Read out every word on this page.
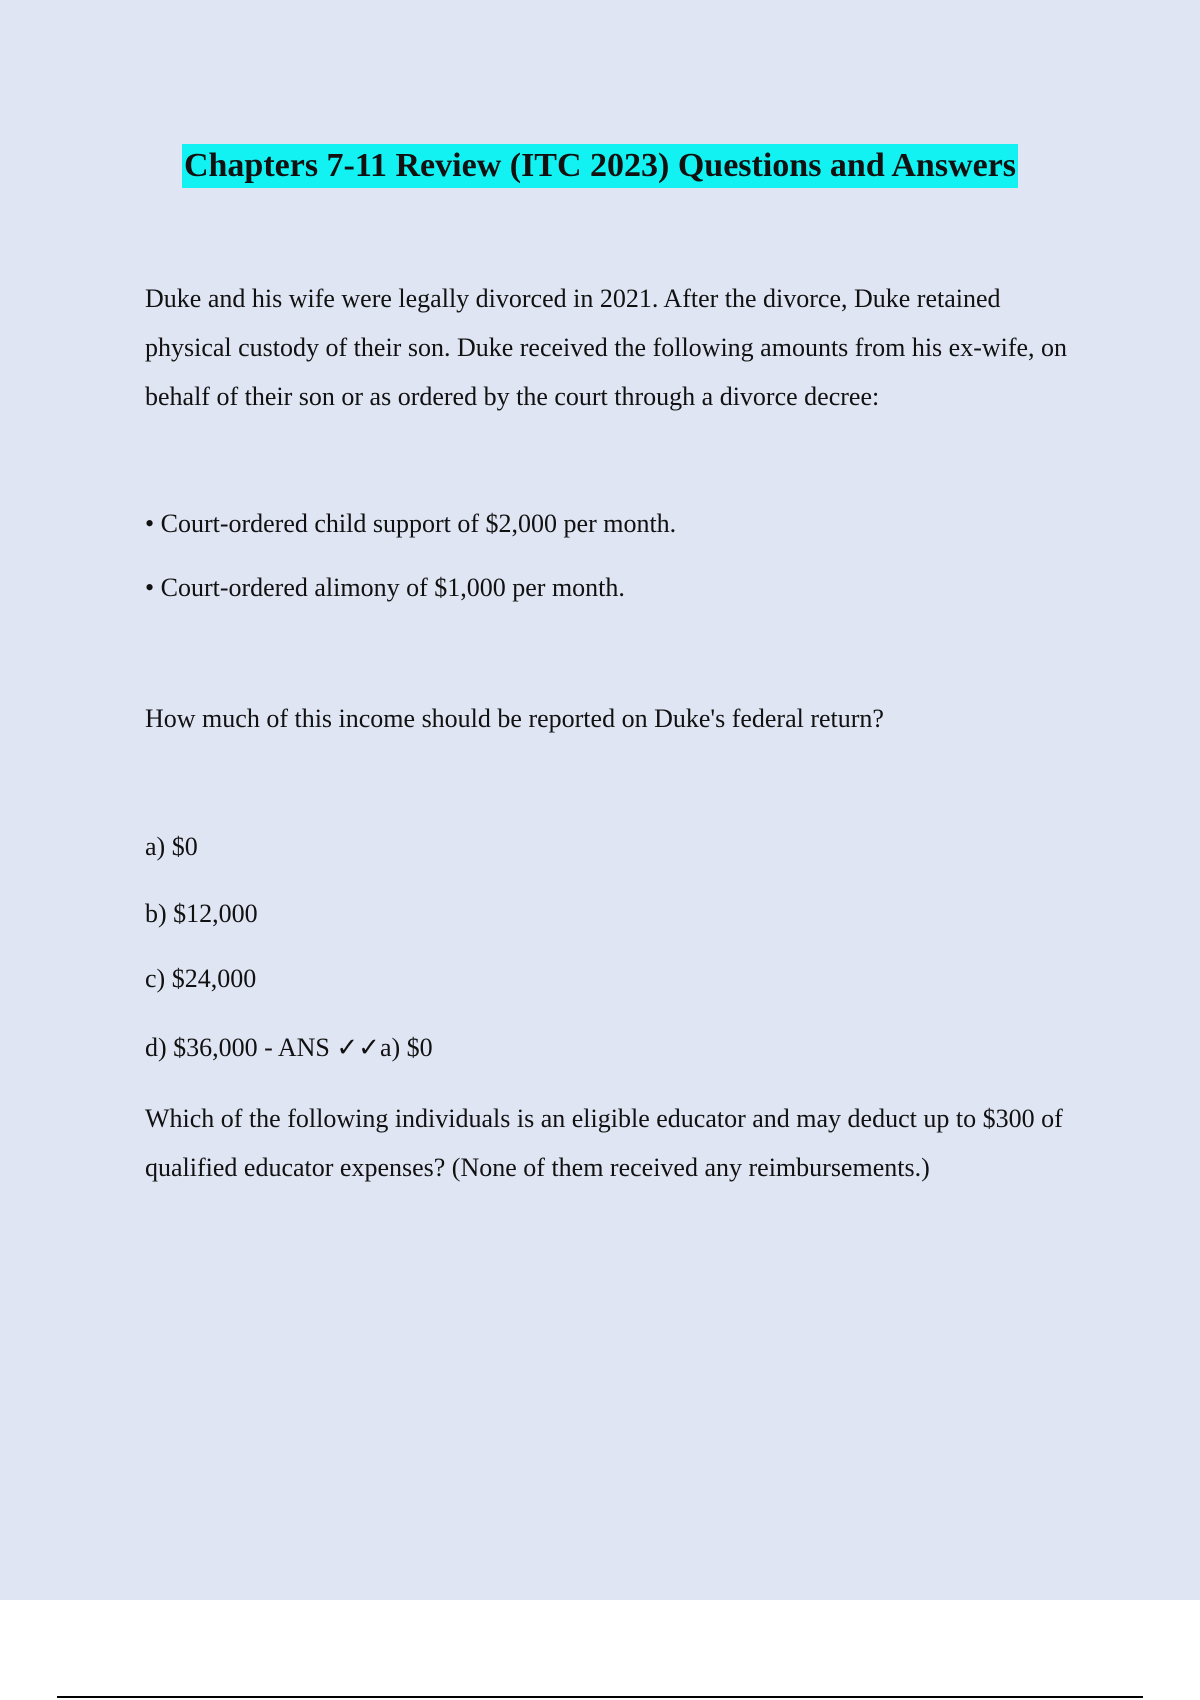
Chapters 7-11 Review (ITC 2023) Questions and Answers

Duke and his wife were legally divorced in 2021. After the divorce, Duke retained physical custody of their son. Duke received the following amounts from his ex-wife, on behalf of their son or as ordered by the court through a divorce decree:

• Court-ordered child support of $2,000 per month.
• Court-ordered alimony of $1,000 per month.
How much of this income should be reported on Duke's federal return?
a) $0
b) $12,000
c) $24,000
d) $36,000 - ANS ✓✓a) $0

Which of the following individuals is an eligible educator and may deduct up to $300 of qualified educator expenses? (None of them received any reimbursements.)
